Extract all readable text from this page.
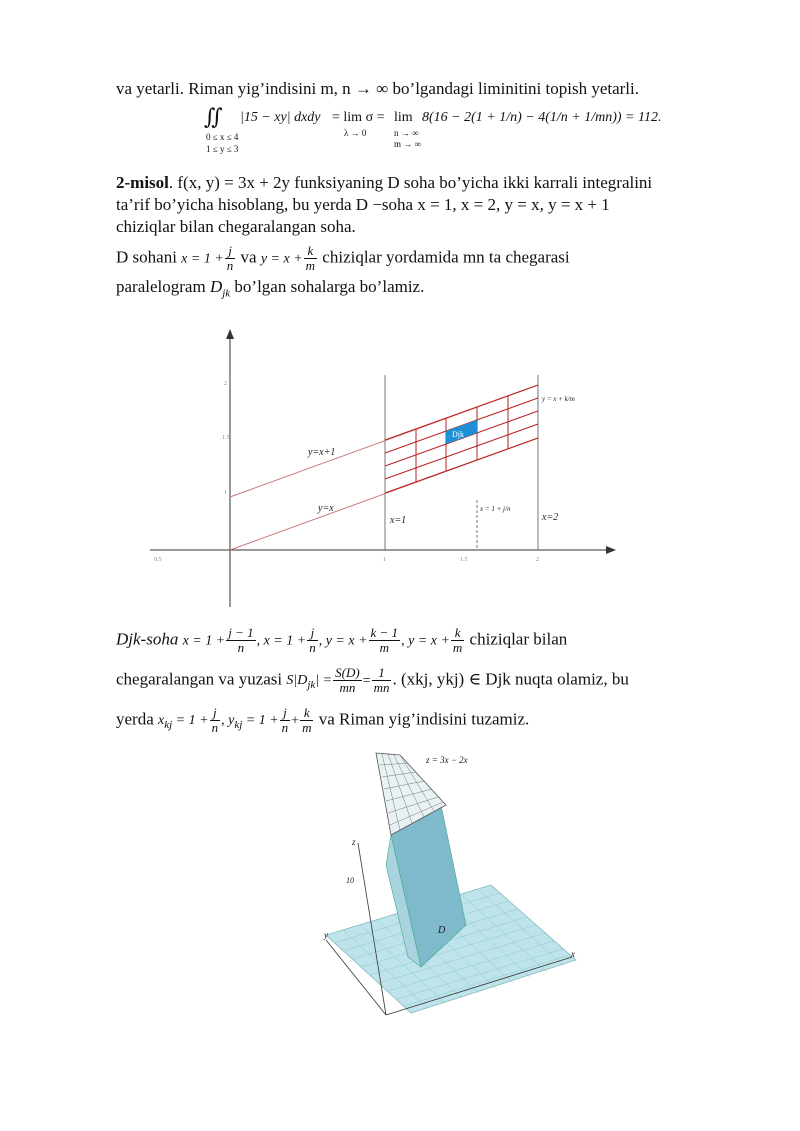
va yetarli. Riman yig’indisini m, n → ∞ bo’lgandagi liminitini topish yetarli.
∬ |15 − xy| dxdy = lim σ =
λ → 0
lim
n → ∞
m → ∞
8(16 − 2(1 + 1/n) − 4(1/n + 1/mn)) = 112.
0 ≤ x ≤ 4
1 ≤ y ≤ 3
2-misol. f(x, y) = 3x + 2y funksiyaning D soha bo’yicha ikki karrali integralini
ta’rif bo’yicha hisoblang, bu yerda D −soha x = 1, x = 2, y = x, y = x + 1
chiziqlar bilan chegaralangan soha.
D sohani $x = 1 + \frac{j}{n}$ va $y = x + \frac{k}{m}$ chiziqlar yordamida mn ta chegarasi
paralelogram $D_{jk}$ bo’lgan sohalarga bo’lamiz.
Djk
y=x+1
y=x
x=1	x=2
x = 1 + j/n
y = x + k/m
0.5
2
1.5
1
1	1.5	2
Djk-soha $x = 1 + \frac{j - 1}{n}$ , $x = 1 + \frac{j}{n}$ , $y = x + \frac{k - 1}{m}$ , $y = x + \frac{k}{m}$ chiziqlar bilan
chegaralangan va yuzasi $S|D_{jk}| = \frac{S(D)}{mn} = \frac{1}{mn}$ . (xkj, ykj) ∈ Djk nuqta olamiz, bu
yerda $x_{kj} = 1 + \frac{j}{n}$ , $y_{kj} = 1 + \frac{j}{n} + \frac{k}{m}$ va Riman yig’indisini tuzamiz.
z = 3x − 2x
z
y
x
10
D
